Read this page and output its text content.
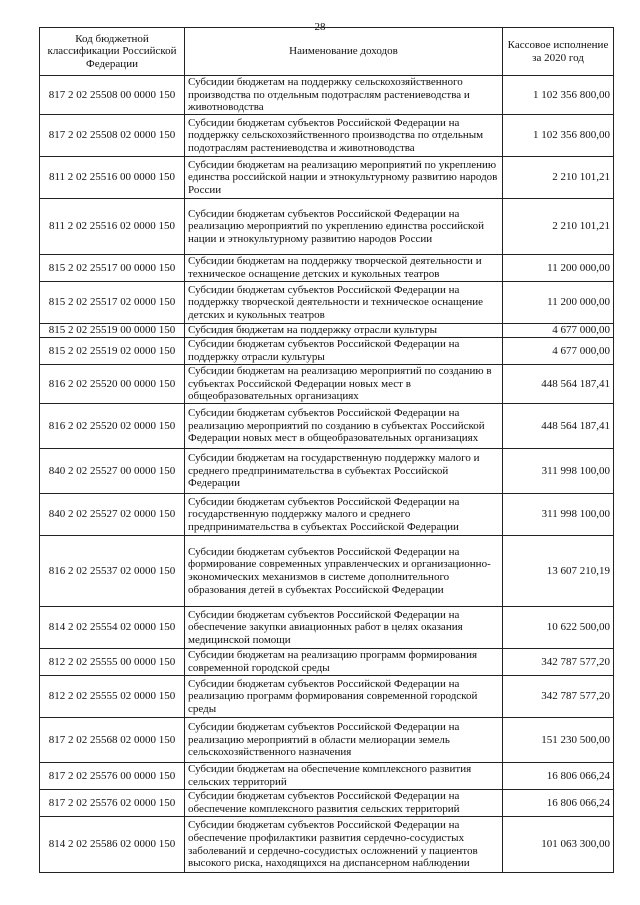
28
Код бюджетной классификации Российской Федерации	Наименование доходов	Кассовое исполнение за 2020 год
817 2 02 25508 00 0000 150	Субсидии бюджетам на поддержку сельскохозяйственного производства по отдельным подотраслям растениеводства и животноводства	1 102 356 800,00
817 2 02 25508 02 0000 150	Субсидии бюджетам субъектов Российской Федерации на поддержку сельскохозяйственного производства по отдельным подотраслям растениеводства и животноводства	1 102 356 800,00
811 2 02 25516 00 0000 150	Субсидии бюджетам на реализацию мероприятий по укреплению единства российской нации и этнокультурному развитию народов России	2 210 101,21
811 2 02 25516 02 0000 150	Субсидии бюджетам субъектов Российской Федерации на реализацию мероприятий по укреплению единства российской нации и этнокультурному развитию народов России	2 210 101,21
815 2 02 25517 00 0000 150	Субсидии бюджетам на поддержку творческой деятельности и техническое оснащение детских и кукольных театров	11 200 000,00
815 2 02 25517 02 0000 150	Субсидии бюджетам субъектов Российской Федерации на поддержку творческой деятельности и техническое оснащение детских и кукольных театров	11 200 000,00
815 2 02 25519 00 0000 150	Субсидия бюджетам на поддержку отрасли культуры	4 677 000,00
815 2 02 25519 02 0000 150	Субсидии бюджетам субъектов Российской Федерации на поддержку отрасли культуры	4 677 000,00
816 2 02 25520 00 0000 150	Субсидии бюджетам на реализацию мероприятий по созданию в субъектах Российской Федерации новых мест в общеобразовательных организациях	448 564 187,41
816 2 02 25520 02 0000 150	Субсидии бюджетам субъектов Российской Федерации на реализацию мероприятий по созданию в субъектах Российской Федерации новых мест в общеобразовательных организациях	448 564 187,41
840 2 02 25527 00 0000 150	Субсидии бюджетам на государственную поддержку малого и среднего предпринимательства в субъектах Российской Федерации	311 998 100,00
840 2 02 25527 02 0000 150	Субсидии бюджетам субъектов Российской Федерации на государственную поддержку малого и среднего предпринимательства в субъектах Российской Федерации	311 998 100,00
816 2 02 25537 02 0000 150	Субсидии бюджетам субъектов Российской Федерации на формирование современных управленческих и организационно-экономических механизмов в системе дополнительного образования детей в субъектах Российской Федерации	13 607 210,19
814 2 02 25554 02 0000 150	Субсидии бюджетам субъектов Российской Федерации на обеспечение закупки авиационных работ в целях оказания медицинской помощи	10 622 500,00
812 2 02 25555 00 0000 150	Субсидии бюджетам на реализацию программ формирования современной городской среды	342 787 577,20
812 2 02 25555 02 0000 150	Субсидии бюджетам субъектов Российской Федерации на реализацию программ формирования современной городской среды	342 787 577,20
817 2 02 25568 02 0000 150	Субсидии бюджетам субъектов Российской Федерации на реализацию мероприятий в области мелиорации земель сельскохозяйственного назначения	151 230 500,00
817 2 02 25576 00 0000 150	Субсидии бюджетам на обеспечение комплексного развития сельских территорий	16 806 066,24
817 2 02 25576 02 0000 150	Субсидии бюджетам субъектов Российской Федерации на обеспечение комплексного развития сельских территорий	16 806 066,24
814 2 02 25586 02 0000 150	Субсидии бюджетам субъектов Российской Федерации на обеспечение профилактики развития сердечно-сосудистых заболеваний и сердечно-сосудистых осложнений у пациентов высокого риска, находящихся на диспансерном наблюдении	101 063 300,00
